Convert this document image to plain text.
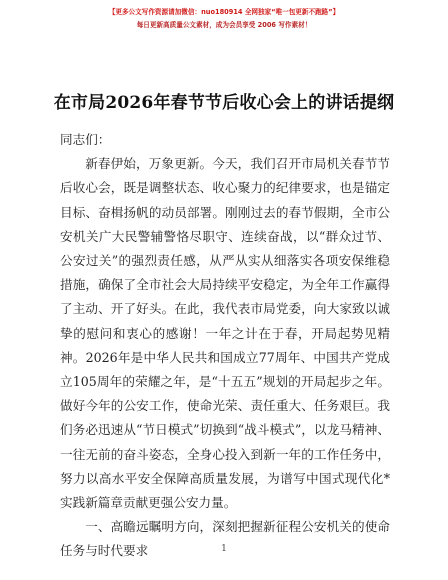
【更多公文写作资源请加微信：nuo180914 全网独家“唯一包更新不跑路”】
每日更新高质量公文素材，成为会员享受 2006 写作素材！
在市局2026年春节节后收心会上的讲话提纲

同志们：

新春伊始，万象更新。今天，我们召开市局机关春节节后收心会，既是调整状态、收心聚力的纪律要求，也是锚定目标、奋楫扬帆的动员部署。刚刚过去的春节假期，全市公安机关广大民警辅警恪尽职守、连续奋战，以“群众过节、公安过关”的强烈责任感，从严从实从细落实各项安保维稳措施，确保了全市社会大局持续平安稳定，为全年工作赢得了主动、开了好头。在此，我代表市局党委，向大家致以诚挚的慰问和衷心的感谢！一年之计在于春，开局起势见精神。2026年是中华人民共和国成立77周年、中国共产党成立105周年的荣耀之年，是“十五五”规划的开局起步之年。做好今年的公安工作，使命光荣、责任重大、任务艰巨。我们务必迅速从“节日模式”切换到“战斗模式”，以龙马精神、一往无前的奋斗姿态，全身心投入到新一年的工作任务中，努力以高水平安全保障高质量发展，为谱写中国式现代化*实践新篇章贡献更强公安力量。

一、高瞻远瞩明方向，深刻把握新征程公安机关的使命任务与时代要求	1
